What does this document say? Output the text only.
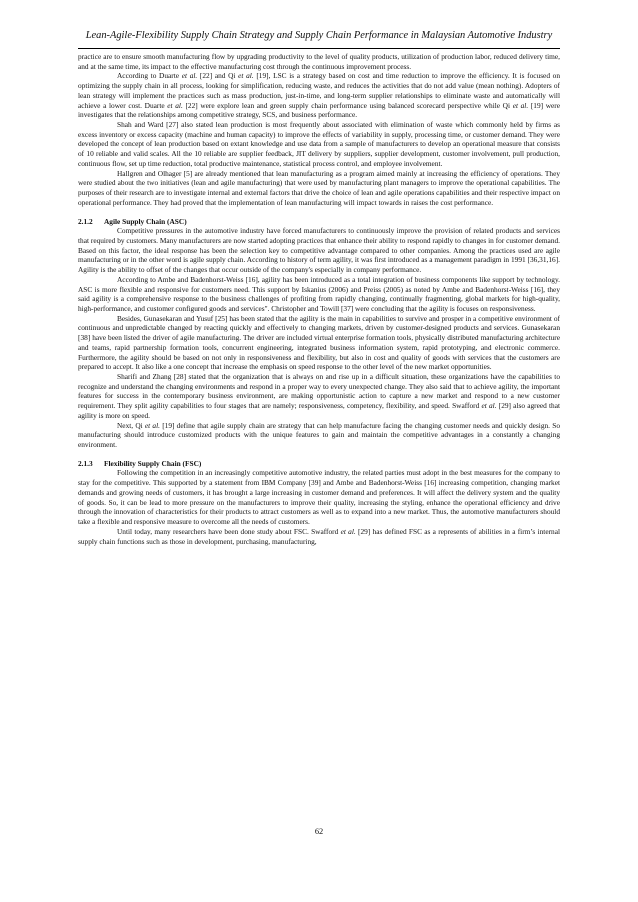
Lean-Agile-Flexibility Supply Chain Strategy and Supply Chain Performance in Malaysian Automotive Industry

practice are to ensure smooth manufacturing flow by upgrading productivity to the level of quality products, utilization of production labor, reduced delivery time, and at the same time, its impact to the effective manufacturing cost through the continuous improvement process.

According to Duarte et al. [22] and Qi et al. [19], LSC is a strategy based on cost and time reduction to improve the efficiency. It is focused on optimizing the supply chain in all process, looking for simplification, reducing waste, and reduces the activities that do not add value (mean nothing). Adopters of lean strategy will implement the practices such as mass production, just-in-time, and long-term supplier relationships to eliminate waste and automatically will achieve a lower cost. Duarte et al. [22] were explore lean and green supply chain performance using balanced scorecard perspective while Qi et al. [19] were investigates that the relationships among competitive strategy, SCS, and business performance.

Shah and Ward [27] also stated lean production is most frequently about associated with elimination of waste which commonly held by firms as excess inventory or excess capacity (machine and human capacity) to improve the effects of variability in supply, processing time, or customer demand. They were developed the concept of lean production based on extant knowledge and use data from a sample of manufacturers to develop an operational measure that consists of 10 reliable and valid scales. All the 10 reliable are supplier feedback, JIT delivery by suppliers, supplier development, customer involvement, pull production, continuous flow, set up time reduction, total productive maintenance, statistical process control, and employee involvement.

Hallgren and Olhager [5] are already mentioned that lean manufacturing as a program aimed mainly at increasing the efficiency of operations. They were studied about the two initiatives (lean and agile manufacturing) that were used by manufacturing plant managers to improve the operational capabilities. The purposes of their research are to investigate internal and external factors that drive the choice of lean and agile operations capabilities and their respective impact on operational performance. They had proved that the implementation of lean manufacturing will impact towards in raises the cost performance.

2.1.2 Agile Supply Chain (ASC)

Competitive pressures in the automotive industry have forced manufacturers to continuously improve the provision of related products and services that required by customers. Many manufacturers are now started adopting practices that enhance their ability to respond rapidly to changes in for customer demand. Based on this factor, the ideal response has been the selection key to competitive advantage compared to other companies. Among the practices used are agile manufacturing or in the other word is agile supply chain. According to history of term agility, it was first introduced as a management paradigm in 1991 [36,31,16]. Agility is the ability to offset of the changes that occur outside of the company's especially in company performance.

According to Ambe and Badenhorst-Weiss [16], agility has been introduced as a total integration of business components like support by technology. ASC is more flexible and responsive for customers need. This support by Iskanius (2006) and Preiss (2005) as noted by Ambe and Badenhorst-Weiss [16], they said agility is a comprehensive response to the business challenges of profiting from rapidly changing, continually fragmenting, global markets for high-quality, high-performance, and customer configured goods and services". Christopher and Towill [37] were concluding that the agility is focuses on responsiveness.

Besides, Gunasekaran and Yusuf [25] has been stated that the agility is the main in capabilities to survive and prosper in a competitive environment of continuous and unpredictable changed by reacting quickly and effectively to changing markets, driven by customer-designed products and services. Gunasekaran [38] have been listed the driver of agile manufacturing. The driver are included virtual enterprise formation tools, physically distributed manufacturing architecture and teams, rapid partnership formation tools, concurrent engineering, integrated business information system, rapid prototyping, and electronic commerce. Furthermore, the agility should be based on not only in responsiveness and flexibility, but also in cost and quality of goods with services that the customers are prepared to accept. It also like a one concept that increase the emphasis on speed response to the other level of the new market opportunities.

Sharifi and Zhang [28] stated that the organization that is always on and rise up in a difficult situation, these organizations have the capabilities to recognize and understand the changing environments and respond in a proper way to every unexpected change. They also said that to achieve agility, the important features for success in the contemporary business environment, are making opportunistic action to capture a new market and respond to a new customer requirement. They split agility capabilities to four stages that are namely; responsiveness, competency, flexibility, and speed. Swafford et al. [29] also agreed that agility is more on speed.

Next, Qi et al. [19] define that agile supply chain are strategy that can help manufacture facing the changing customer needs and quickly design. So manufacturing should introduce customized products with the unique features to gain and maintain the competitive advantages in a constantly a changing environment.

2.1.3 Flexibility Supply Chain (FSC)

Following the competition in an increasingly competitive automotive industry, the related parties must adopt in the best measures for the company to stay for the competitive. This supported by a statement from IBM Company [39] and Ambe and Badenhorst-Weiss [16] increasing competition, changing market demands and growing needs of customers, it has brought a large increasing in customer demand and preferences. It will affect the delivery system and the quality of goods. So, it can be lead to more pressure on the manufacturers to improve their quality, increasing the styling, enhance the operational efficiency and drive through the innovation of characteristics for their products to attract customers as well as to expand into a new market. Thus, the automotive manufacturers should take a flexible and responsive measure to overcome all the needs of customers.

Until today, many researchers have been done study about FSC. Swafford et al. [29] has defined FSC as a represents of abilities in a firm’s internal supply chain functions such as those in development, purchasing, manufacturing,

62
